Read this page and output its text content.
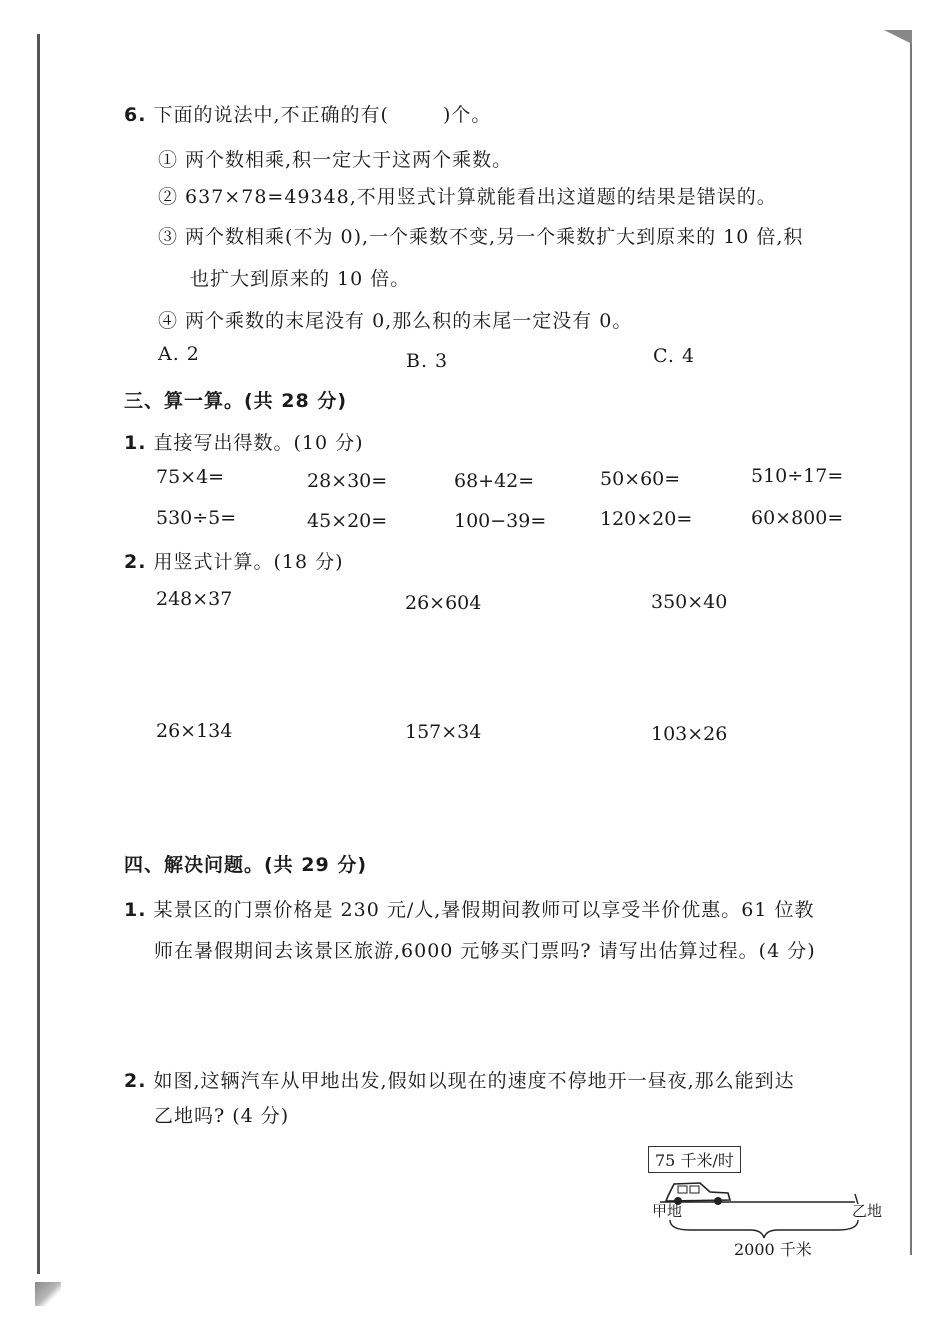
6. 下面的说法中,不正确的有(	)个。
① 两个数相乘,积一定大于这两个乘数。
② 637×78=49348,不用竖式计算就能看出这道题的结果是错误的。
③ 两个数相乘(不为 0),一个乘数不变,另一个乘数扩大到原来的 10 倍,积
也扩大到原来的 10 倍。
④ 两个乘数的末尾没有 0,那么积的末尾一定没有 0。
A. 2	B. 3	C. 4
三、算一算。(共 28 分)
1. 直接写出得数。(10 分)
75×4=	28×30=	68+42=	50×60=	510÷17=
530÷5=	45×20=	100−39=	120×20=	60×800=
2. 用竖式计算。(18 分)
248×37	26×604	350×40
26×134	157×34	103×26
四、解决问题。(共 29 分)
1. 某景区的门票价格是 230 元/人,暑假期间教师可以享受半价优惠。61 位教
师在暑假期间去该景区旅游,6000 元够买门票吗? 请写出估算过程。(4 分)
2. 如图,这辆汽车从甲地出发,假如以现在的速度不停地开一昼夜,那么能到达
乙地吗? (4 分)
75 千米/时
甲地	乙地
2000 千米
